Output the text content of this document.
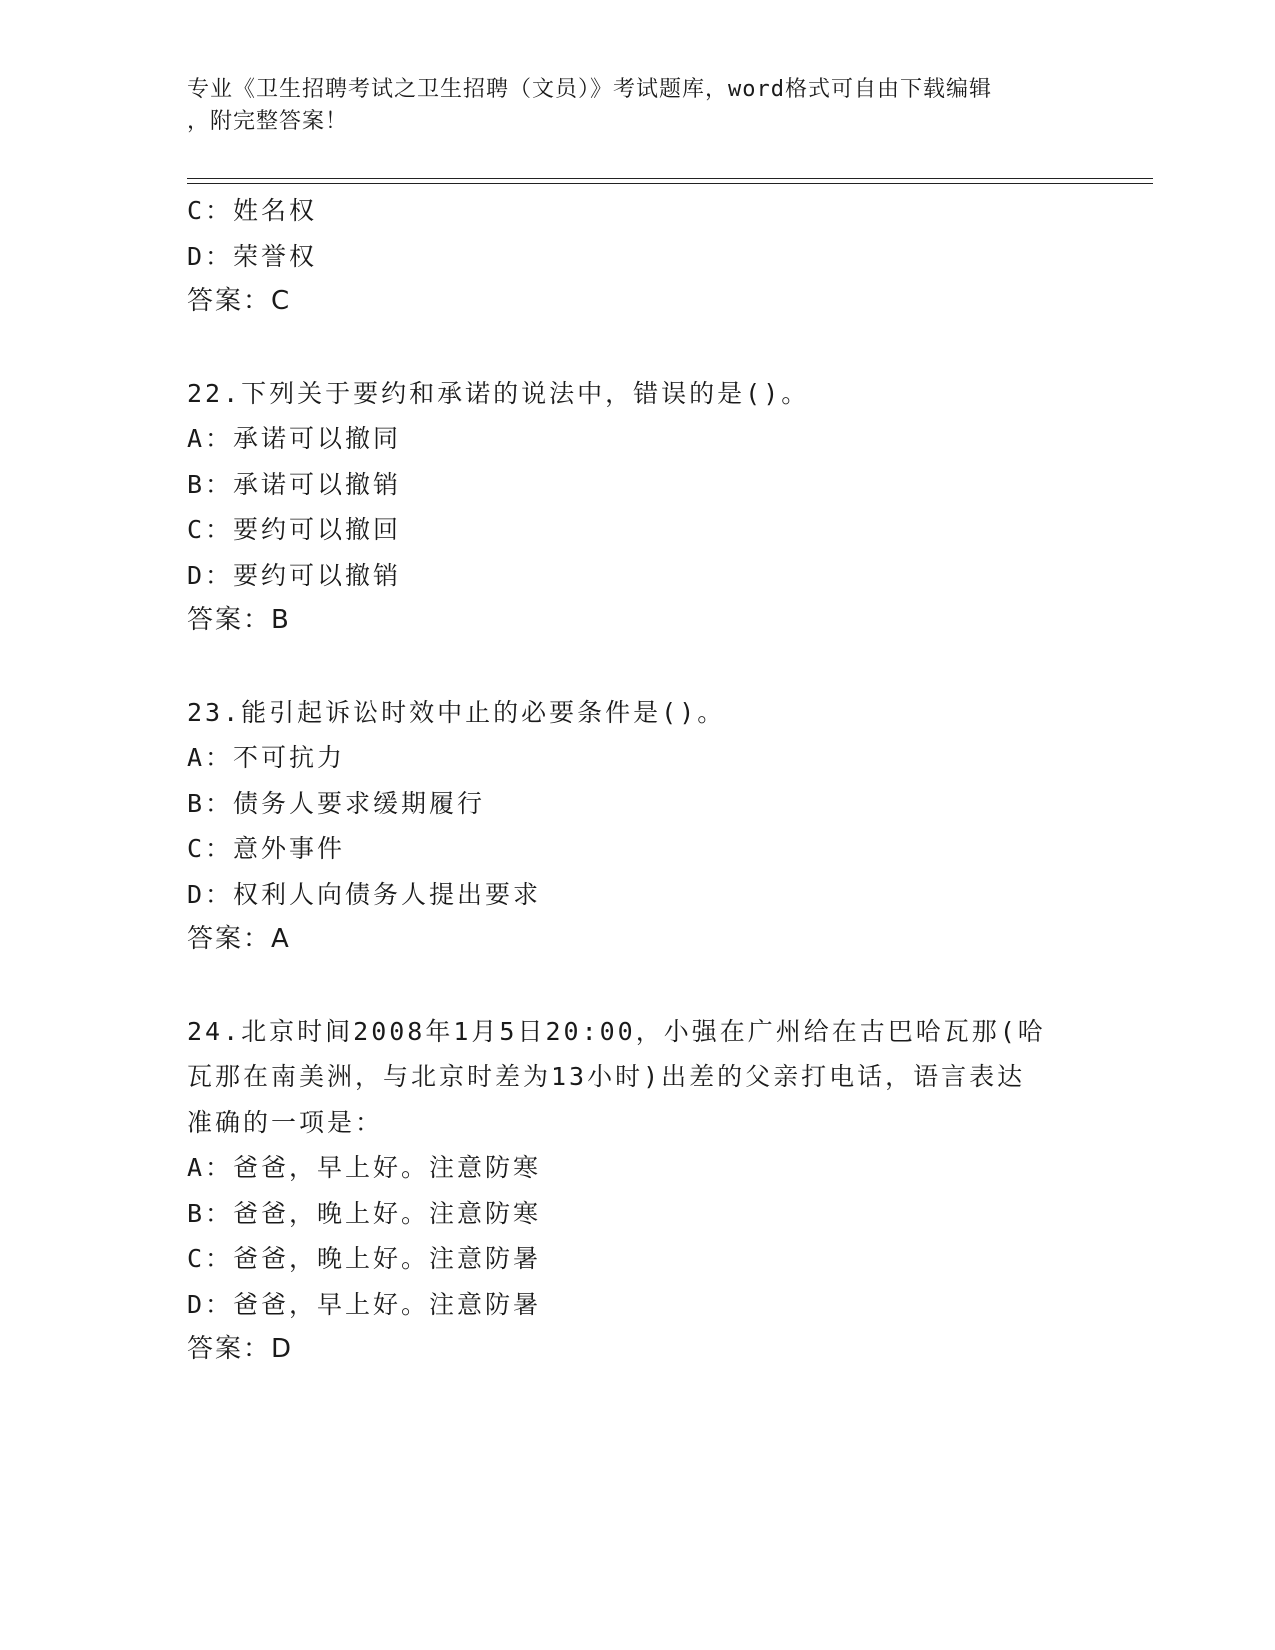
专业《卫生招聘考试之卫生招聘（文员）》考试题库，word格式可自由下载编辑
，附完整答案！
C：姓名权
D：荣誉权
答案：C
22.下列关于要约和承诺的说法中，错误的是()。
A：承诺可以撤同
B：承诺可以撤销
C：要约可以撤回
D：要约可以撤销
答案：B
23.能引起诉讼时效中止的必要条件是()。
A：不可抗力
B：债务人要求缓期履行
C：意外事件
D：权利人向债务人提出要求
答案：A
24.北京时间2008年1月5日20:00，小强在广州给在古巴哈瓦那(哈
瓦那在南美洲，与北京时差为13小时)出差的父亲打电话，语言表达
准确的一项是：
A：爸爸，早上好。注意防寒
B：爸爸，晚上好。注意防寒
C：爸爸，晚上好。注意防暑
D：爸爸，早上好。注意防暑
答案：D
